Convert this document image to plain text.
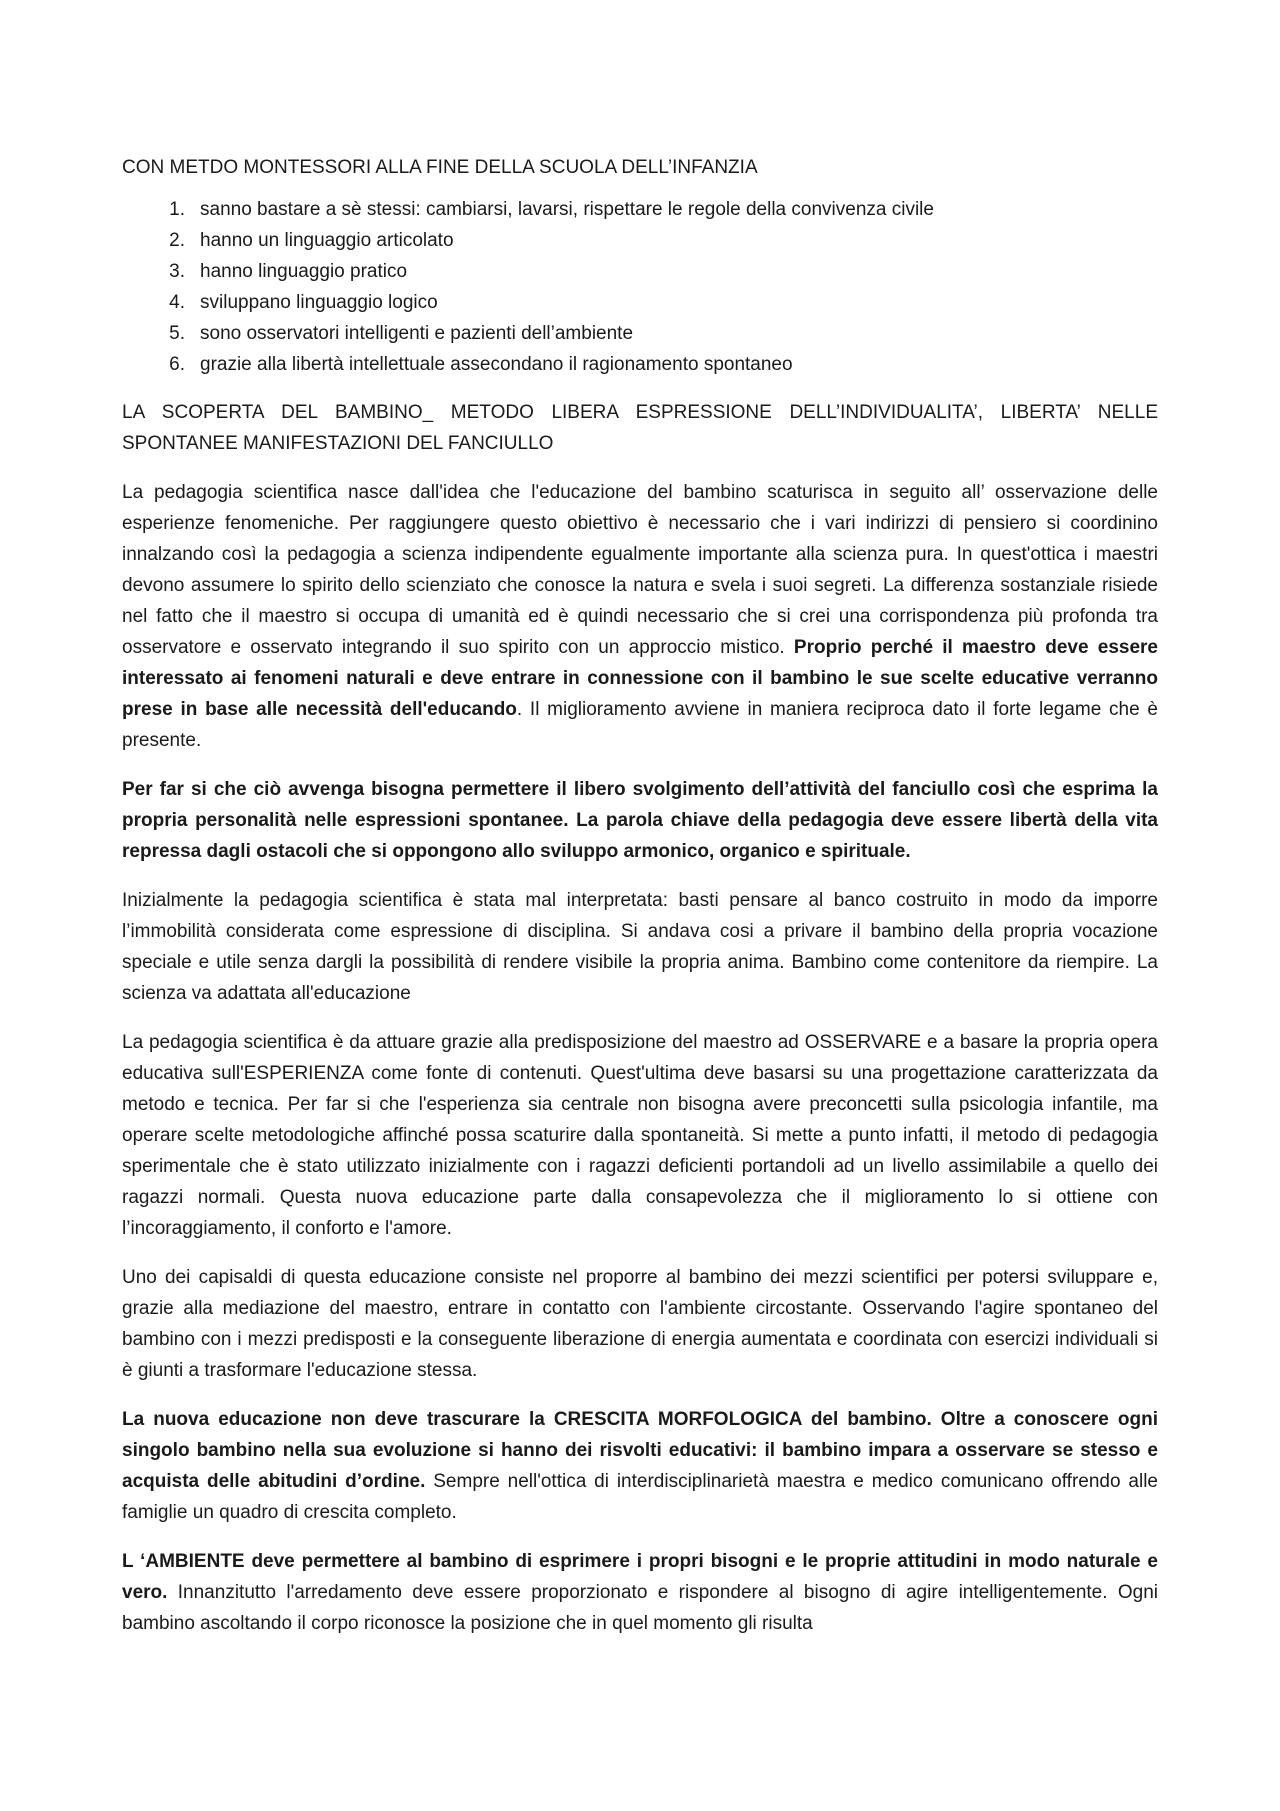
CON METDO MONTESSORI ALLA FINE DELLA SCUOLA DELL’INFANZIA
1. sanno bastare a sè stessi: cambiarsi, lavarsi, rispettare le regole della convivenza civile
2. hanno un linguaggio articolato
3. hanno linguaggio pratico
4. sviluppano linguaggio logico
5. sono osservatori intelligenti e pazienti dell’ambiente
6. grazie alla libertà intellettuale assecondano il ragionamento spontaneo
LA SCOPERTA DEL BAMBINO_ METODO LIBERA ESPRESSIONE DELL’INDIVIDUALITA’, LIBERTA’ NELLE SPONTANEE MANIFESTAZIONI DEL FANCIULLO

La pedagogia scientifica nasce dall'idea che l'educazione del bambino scaturisca in seguito all’ osservazione delle esperienze fenomeniche. Per raggiungere questo obiettivo è necessario che i vari indirizzi di pensiero si coordinino innalzando così la pedagogia a scienza indipendente egualmente importante alla scienza pura. In quest'ottica i maestri devono assumere lo spirito dello scienziato che conosce la natura e svela i suoi segreti. La differenza sostanziale risiede nel fatto che il maestro si occupa di umanità ed è quindi necessario che si crei una corrispondenza più profonda tra osservatore e osservato integrando il suo spirito con un approccio mistico. Proprio perché il maestro deve essere interessato ai fenomeni naturali e deve entrare in connessione con il bambino le sue scelte educative verranno prese in base alle necessità dell'educando. Il miglioramento avviene in maniera reciproca dato il forte legame che è presente.

Per far si che ciò avvenga bisogna permettere il libero svolgimento dell’attività del fanciullo così che esprima la propria personalità nelle espressioni spontanee. La parola chiave della pedagogia deve essere libertà della vita repressa dagli ostacoli che si oppongono allo sviluppo armonico, organico e spirituale.

Inizialmente la pedagogia scientifica è stata mal interpretata: basti pensare al banco costruito in modo da imporre l’immobilità considerata come espressione di disciplina. Si andava cosi a privare il bambino della propria vocazione speciale e utile senza dargli la possibilità di rendere visibile la propria anima. Bambino come contenitore da riempire. La scienza va adattata all'educazione

La pedagogia scientifica è da attuare grazie alla predisposizione del maestro ad OSSERVARE e a basare la propria opera educativa sull'ESPERIENZA come fonte di contenuti. Quest'ultima deve basarsi su una progettazione caratterizzata da metodo e tecnica. Per far si che l'esperienza sia centrale non bisogna avere preconcetti sulla psicologia infantile, ma operare scelte metodologiche affinché possa scaturire dalla spontaneità. Si mette a punto infatti, il metodo di pedagogia sperimentale che è stato utilizzato inizialmente con i ragazzi deficienti portandoli ad un livello assimilabile a quello dei ragazzi normali. Questa nuova educazione parte dalla consapevolezza che il miglioramento lo si ottiene con l’incoraggiamento, il conforto e l'amore.

Uno dei capisaldi di questa educazione consiste nel proporre al bambino dei mezzi scientifici per potersi sviluppare e, grazie alla mediazione del maestro, entrare in contatto con l'ambiente circostante. Osservando l'agire spontaneo del bambino con i mezzi predisposti e la conseguente liberazione di energia aumentata e coordinata con esercizi individuali si è giunti a trasformare l'educazione stessa.

La nuova educazione non deve trascurare la CRESCITA MORFOLOGICA del bambino. Oltre a conoscere ogni singolo bambino nella sua evoluzione si hanno dei risvolti educativi: il bambino impara a osservare se stesso e acquista delle abitudini d’ordine. Sempre nell'ottica di interdisciplinarietà maestra e medico comunicano offrendo alle famiglie un quadro di crescita completo.

L ‘AMBIENTE deve permettere al bambino di esprimere i propri bisogni e le proprie attitudini in modo naturale e vero. Innanzitutto l'arredamento deve essere proporzionato e rispondere al bisogno di agire intelligentemente. Ogni bambino ascoltando il corpo riconosce la posizione che in quel momento gli risulta
